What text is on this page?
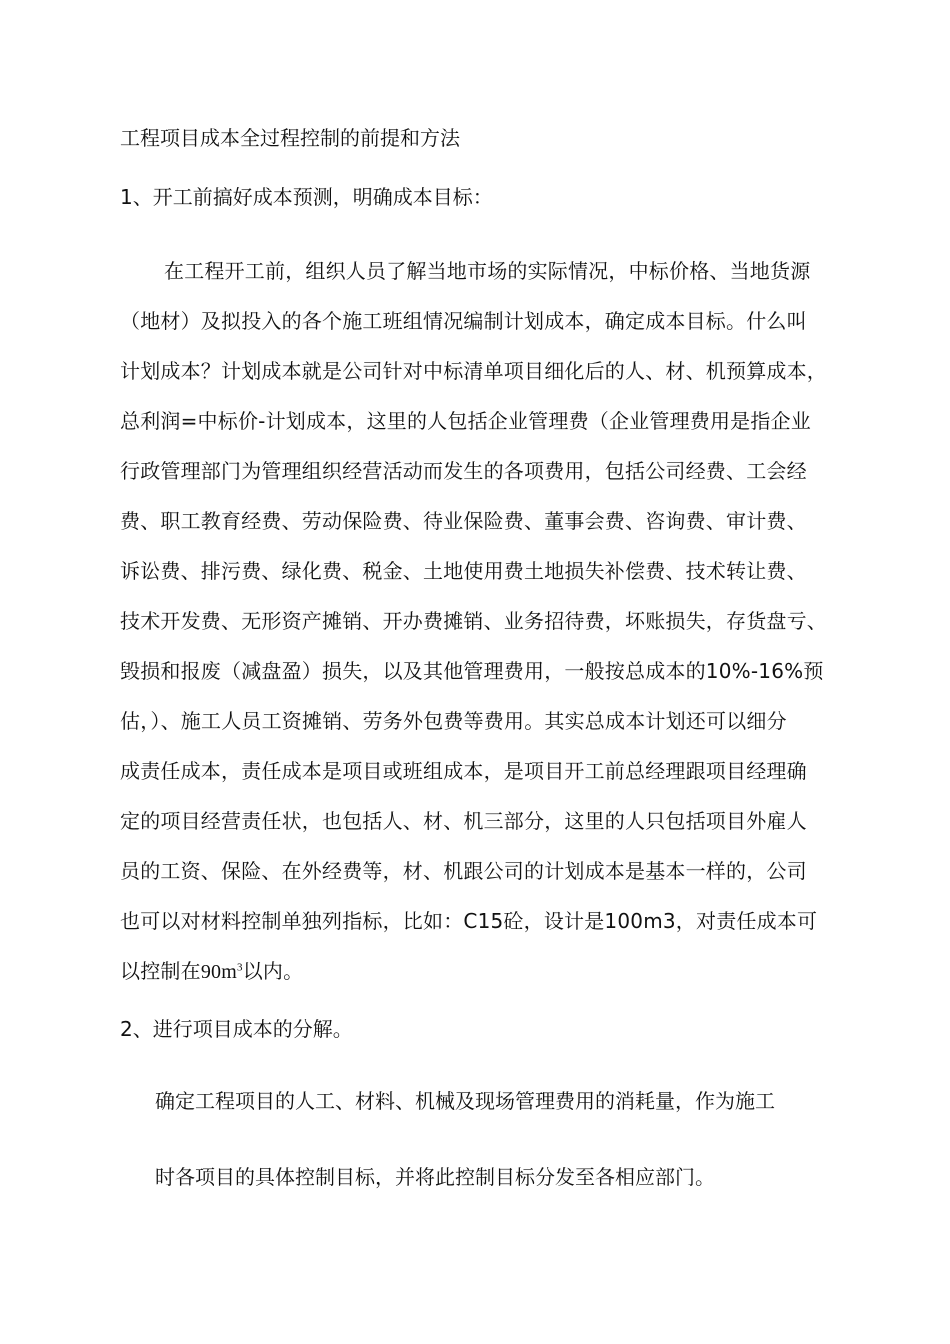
工程项目成本全过程控制的前提和方法
1、开工前搞好成本预测，明确成本目标：
在工程开工前，组织人员了解当地市场的实际情况，中标价格、当地货源
（地材）及拟投入的各个施工班组情况编制计划成本，确定成本目标。什么叫
计划成本？计划成本就是公司针对中标清单项目细化后的人、材、机预算成本，
总利润=中标价-计划成本，这里的人包括企业管理费（企业管理费用是指企业
行政管理部门为管理组织经营活动而发生的各项费用，包括公司经费、工会经
费、职工教育经费、劳动保险费、待业保险费、董事会费、咨询费、审计费、
诉讼费、排污费、绿化费、税金、土地使用费土地损失补偿费、技术转让费、
技术开发费、无形资产摊销、开办费摊销、业务招待费，坏账损失，存货盘亏、
毁损和报废（减盘盈）损失，以及其他管理费用，一般按总成本的10%-16%预
估，）、施工人员工资摊销、劳务外包费等费用。其实总成本计划还可以细分
成责任成本，责任成本是项目或班组成本，是项目开工前总经理跟项目经理确
定的项目经营责任状，也包括人、材、机三部分，这里的人只包括项目外雇人
员的工资、保险、在外经费等，材、机跟公司的计划成本是基本一样的，公司
也可以对材料控制单独列指标，比如：C15砼，设计是100m3，对责任成本可
以控制在$90m^3$以内。
2、进行项目成本的分解。
确定工程项目的人工、材料、机械及现场管理费用的消耗量，作为施工
时各项目的具体控制目标，并将此控制目标分发至各相应部门。
